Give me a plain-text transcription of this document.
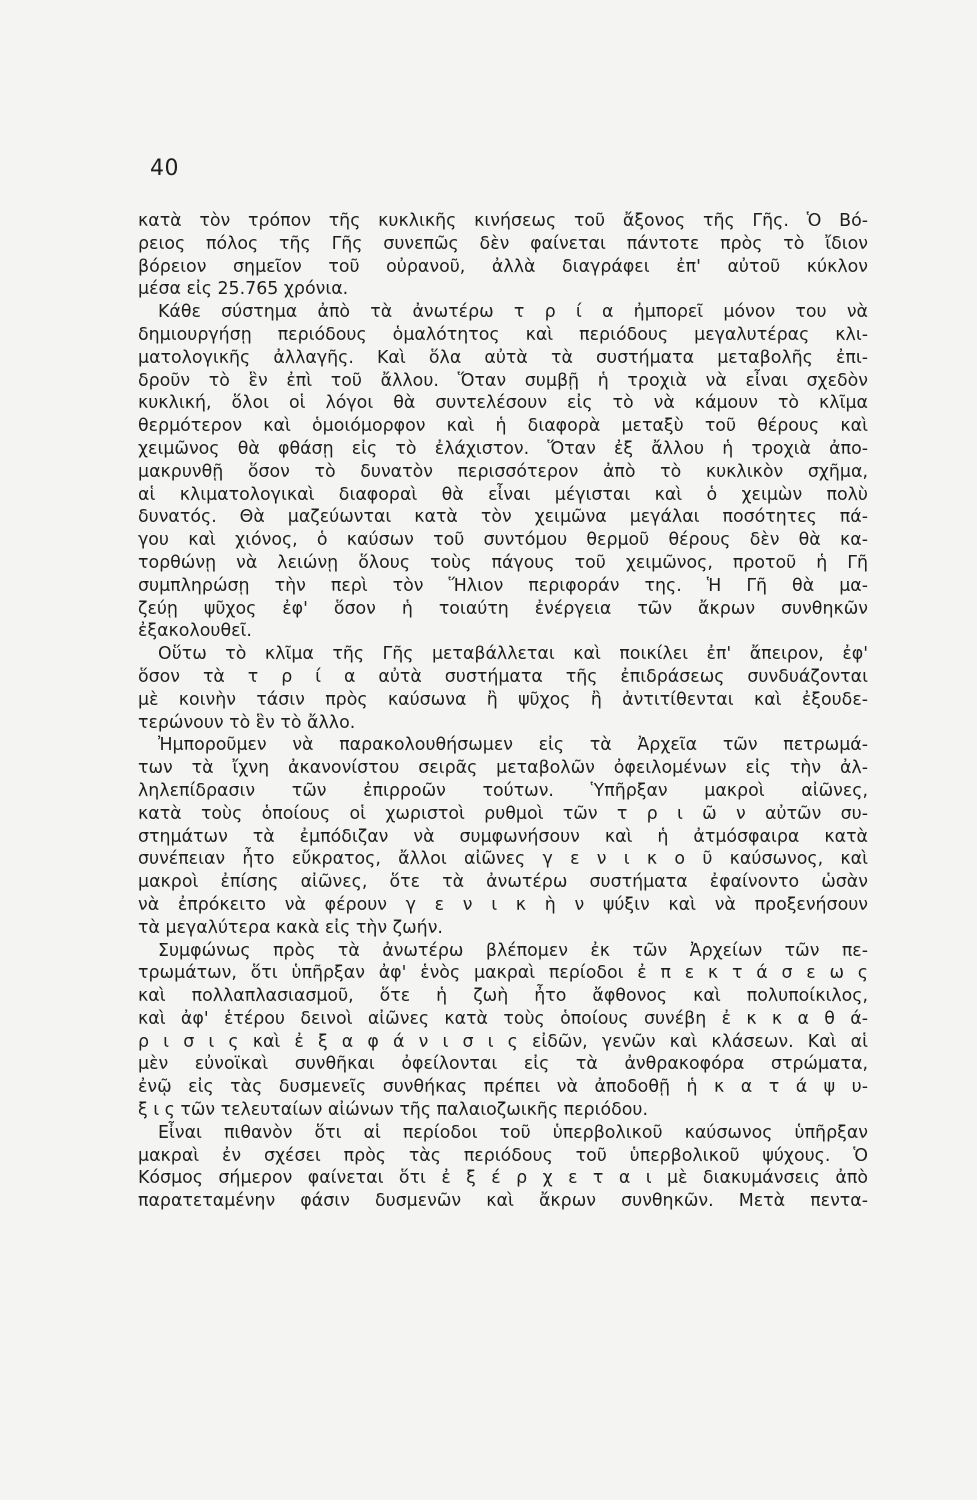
40
κατὰ τὸν τρόπον τῆς κυκλικῆς κινήσεως τοῦ ἄξονος τῆς Γῆς. Ὁ Βό-
ρειος πόλος τῆς Γῆς συνεπῶς δὲν φαίνεται πάντοτε πρὸς τὸ ἴδιον
βόρειον σημεῖον τοῦ οὐρανοῦ, ἀλλὰ διαγράφει ἐπ' αὐτοῦ κύκλον
μέσα εἰς 25.765 χρόνια.
Κάθε σύστημα ἀπὸ τὰ ἀνωτέρω τ ρ ί α ἠμπορεῖ μόνον του νὰ
δημιουργήσῃ περιόδους ὁμαλότητος καὶ περιόδους μεγαλυτέρας κλι-
ματολογικῆς ἀλλαγῆς. Καὶ ὅλα αὐτὰ τὰ συστήματα μεταβολῆς ἐπι-
δροῦν τὸ ἓν ἐπὶ τοῦ ἄλλου. Ὅταν συμβῇ ἡ τροχιὰ νὰ εἶναι σχεδὸν
κυκλική, ὅλοι οἱ λόγοι θὰ συντελέσουν εἰς τὸ νὰ κάμουν τὸ κλῖμα
θερμότερον καὶ ὁμοιόμορφον καὶ ἡ διαφορὰ μεταξὺ τοῦ θέρους καὶ
χειμῶνος θὰ φθάσῃ εἰς τὸ ἐλάχιστον. Ὅταν ἐξ ἄλλου ἡ τροχιὰ ἀπο-
μακρυνθῇ ὅσον τὸ δυνατὸν περισσότερον ἀπὸ τὸ κυκλικὸν σχῆμα,
αἱ κλιματολογικαὶ διαφοραὶ θὰ εἶναι μέγισται καὶ ὁ χειμὼν πολὺ
δυνατός. Θὰ μαζεύωνται κατὰ τὸν χειμῶνα μεγάλαι ποσότητες πά-
γου καὶ χιόνος, ὁ καύσων τοῦ συντόμου θερμοῦ θέρους δὲν θὰ κα-
τορθώνῃ νὰ λειώνῃ ὅλους τοὺς πάγους τοῦ χειμῶνος, προτοῦ ἡ Γῆ
συμπληρώσῃ τὴν περὶ τὸν Ἥλιον περιφοράν της. Ἡ Γῆ θὰ μα-
ζεύῃ ψῦχος ἐφ' ὅσον ἡ τοιαύτη ἐνέργεια τῶν ἄκρων συνθηκῶν
ἐξακολουθεῖ.
Οὕτω τὸ κλῖμα τῆς Γῆς μεταβάλλεται καὶ ποικίλει ἐπ' ἄπειρον, ἐφ'
ὅσον τὰ τ ρ ί α αὐτὰ συστήματα τῆς ἐπιδράσεως συνδυάζονται
μὲ κοινὴν τάσιν πρὸς καύσωνα ἢ ψῦχος ἢ ἀντιτίθενται καὶ ἐξουδε-
τερώνουν τὸ ἓν τὸ ἄλλο.
Ἠμποροῦμεν νὰ παρακολουθήσωμεν εἰς τὰ Ἀρχεῖα τῶν πετρωμά-
των τὰ ἴχνη ἀκανονίστου σειρᾶς μεταβολῶν ὀφειλομένων εἰς τὴν ἀλ-
ληλεπίδρασιν τῶν ἐπιρροῶν τούτων. Ὑπῆρξαν μακροὶ αἰῶνες,
κατὰ τοὺς ὁποίους οἱ χωριστοὶ ρυθμοὶ τῶν τ ρ ι ῶ ν αὐτῶν συ-
στημάτων τὰ ἐμπόδιζαν νὰ συμφωνήσουν καὶ ἡ ἀτμόσφαιρα κατὰ
συνέπειαν ἦτο εὔκρατος, ἄλλοι αἰῶνες γ ε ν ι κ ο ῦ καύσωνος, καὶ
μακροὶ ἐπίσης αἰῶνες, ὅτε τὰ ἀνωτέρω συστήματα ἐφαίνοντο ὡσὰν
νὰ ἐπρόκειτο νὰ φέρουν γ ε ν ι κ ὴ ν ψύξιν καὶ νὰ προξενήσουν
τὰ μεγαλύτερα κακὰ εἰς τὴν ζωήν.
Συμφώνως πρὸς τὰ ἀνωτέρω βλέπομεν ἐκ τῶν Ἀρχείων τῶν πε-
τρωμάτων, ὅτι ὑπῆρξαν ἀφ' ἑνὸς μακραὶ περίοδοι ἐ π ε κ τ ά σ ε ω ς
καὶ πολλαπλασιασμοῦ, ὅτε ἡ ζωὴ ἦτο ἄφθονος καὶ πολυποίκιλος,
καὶ ἀφ' ἑτέρου δεινοὶ αἰῶνες κατὰ τοὺς ὁποίους συνέβη ἐ κ κ α θ ά-
ρ ι σ ι ς καὶ ἐ ξ α φ ά ν ι σ ι ς εἰδῶν, γενῶν καὶ κλάσεων. Καὶ αἱ
μὲν εὐνοϊκαὶ συνθῆκαι ὀφείλονται εἰς τὰ ἀνθρακοφόρα στρώματα,
ἐνῷ εἰς τὰς δυσμενεῖς συνθήκας πρέπει νὰ ἀποδοθῇ ἡ κ α τ ά ψ υ-
ξ ι ς τῶν τελευταίων αἰώνων τῆς παλαιοζωικῆς περιόδου.
Εἶναι πιθανὸν ὅτι αἱ περίοδοι τοῦ ὑπερβολικοῦ καύσωνος ὑπῆρξαν
μακραὶ ἐν σχέσει πρὸς τὰς περιόδους τοῦ ὑπερβολικοῦ ψύχους. Ὁ
Κόσμος σήμερον φαίνεται ὅτι ἐ ξ έ ρ χ ε τ α ι μὲ διακυμάνσεις ἀπὸ
παρατεταμένην φάσιν δυσμενῶν καὶ ἄκρων συνθηκῶν. Μετὰ πεντα-
